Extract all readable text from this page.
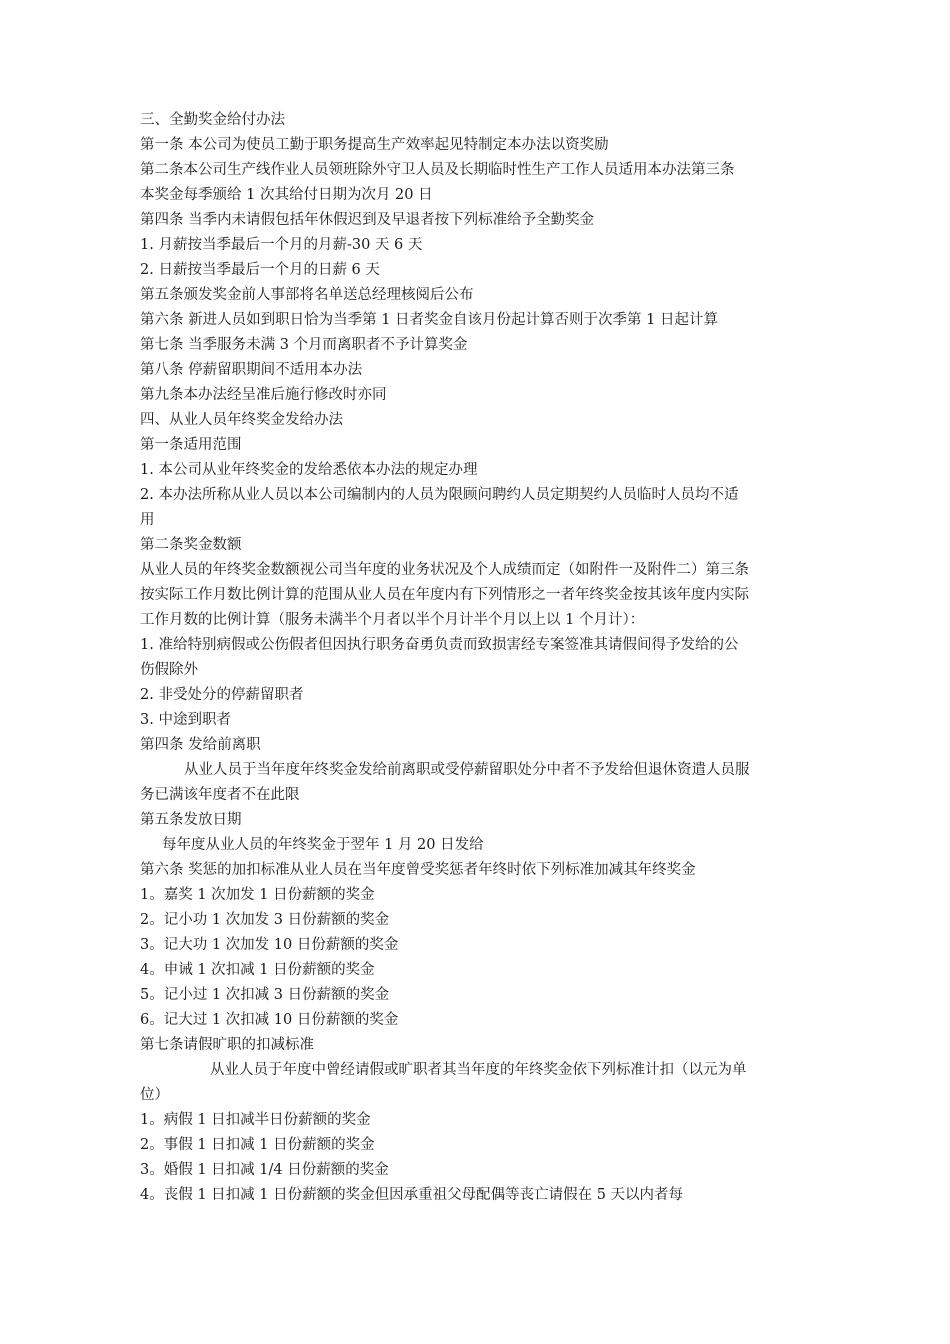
三、全勤奖金给付办法
第一条 本公司为使员工勤于职务提高生产效率起见特制定本办法以资奖励
第二条本公司生产线作业人员领班除外守卫人员及长期临时性生产工作人员适用本办法第三条
本奖金每季颁给 1 次其给付日期为次月 20 日
第四条 当季内未请假包括年休假迟到及早退者按下列标准给予全勤奖金
1. 月薪按当季最后一个月的月薪-30 天 6 天
2. 日薪按当季最后一个月的日薪 6 天
第五条颁发奖金前人事部将名单送总经理核阅后公布
第六条 新进人员如到职日恰为当季第 1 日者奖金自该月份起计算否则于次季第 1 日起计算
第七条 当季服务未满 3 个月而离职者不予计算奖金
第八条 停薪留职期间不适用本办法
第九条本办法经呈准后施行修改时亦同
四、从业人员年终奖金发给办法
第一条适用范围
1. 本公司从业年终奖金的发给悉依本办法的规定办理
2. 本办法所称从业人员以本公司编制内的人员为限顾问聘约人员定期契约人员临时人员均不适
用
第二条奖金数额
从业人员的年终奖金数额视公司当年度的业务状况及个人成绩而定（如附件一及附件二）第三条
按实际工作月数比例计算的范围从业人员在年度内有下列情形之一者年终奖金按其该年度内实际
工作月数的比例计算（服务未满半个月者以半个月计半个月以上以 1 个月计）：
1. 准给特别病假或公伤假者但因执行职务奋勇负责而致损害经专案签准其请假间得予发给的公
伤假除外
2. 非受处分的停薪留职者
3. 中途到职者
第四条 发给前离职
从业人员于当年度年终奖金发给前离职或受停薪留职处分中者不予发给但退休资遣人员服
务已满该年度者不在此限
第五条发放日期
每年度从业人员的年终奖金于翌年 1 月 20 日发给
第六条 奖惩的加扣标准从业人员在当年度曾受奖惩者年终时依下列标准加减其年终奖金
1。嘉奖 1 次加发 1 日份薪额的奖金
2。记小功 1 次加发 3 日份薪额的奖金
3。记大功 1 次加发 10 日份薪额的奖金
4。申诫 1 次扣减 1 日份薪额的奖金
5。记小过 1 次扣减 3 日份薪额的奖金
6。记大过 1 次扣减 10 日份薪额的奖金
第七条请假旷职的扣减标准
从业人员于年度中曾经请假或旷职者其当年度的年终奖金依下列标准计扣（以元为单
位）
1。病假 1 日扣减半日份薪额的奖金
2。事假 1 日扣减 1 日份薪额的奖金
3。婚假 1 日扣减 1/4 日份薪额的奖金
4。丧假 1 日扣减 1 日份薪额的奖金但因承重祖父母配偶等丧亡请假在 5 天以内者每
